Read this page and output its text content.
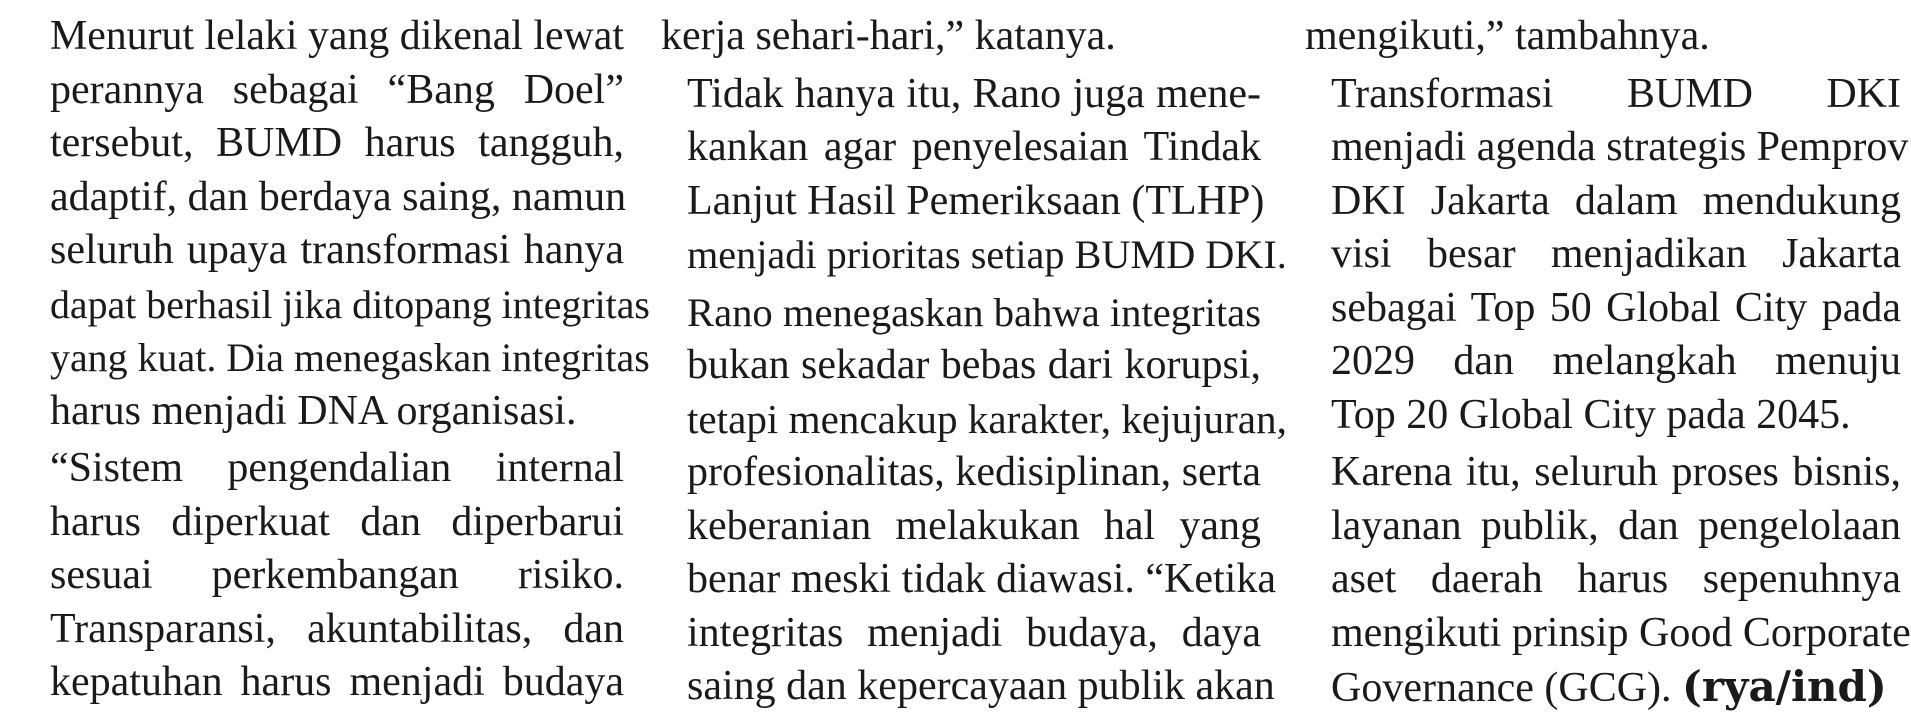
Menurut lelaki yang dikenal lewat
perannya sebagai “Bang Doel”
tersebut, BUMD harus tangguh,
adaptif, dan berdaya saing, namun
seluruh upaya transformasi hanya
dapat berhasil jika ditopang integritas
yang kuat. Dia menegaskan integritas
harus menjadi DNA organisasi.

“Sistem pengendalian internal
harus diperkuat dan diperbarui
sesuai perkembangan risiko.
Transparansi, akuntabilitas, dan
kepatuhan harus menjadi budaya

kerja sehari-hari,” katanya.

Tidak hanya itu, Rano juga mene-
kankan agar penyelesaian Tindak
Lanjut Hasil Pemeriksaan (TLHP)
menjadi prioritas setiap BUMD DKI.

Rano menegaskan bahwa integritas
bukan sekadar bebas dari korupsi,
tetapi mencakup karakter, kejujuran,
profesionalitas, kedisiplinan, serta
keberanian melakukan hal yang
benar meski tidak diawasi. “Ketika
integritas menjadi budaya, daya
saing dan kepercayaan publik akan

mengikuti,” tambahnya.

Transformasi BUMD DKI
menjadi agenda strategis Pemprov
DKI Jakarta dalam mendukung
visi besar menjadikan Jakarta
sebagai Top 50 Global City pada
2029 dan melangkah menuju
Top 20 Global City pada 2045.

Karena itu, seluruh proses bisnis,
layanan publik, dan pengelolaan
aset daerah harus sepenuhnya
mengikuti prinsip Good Corporate
Governance (GCG). (rya/ind)
